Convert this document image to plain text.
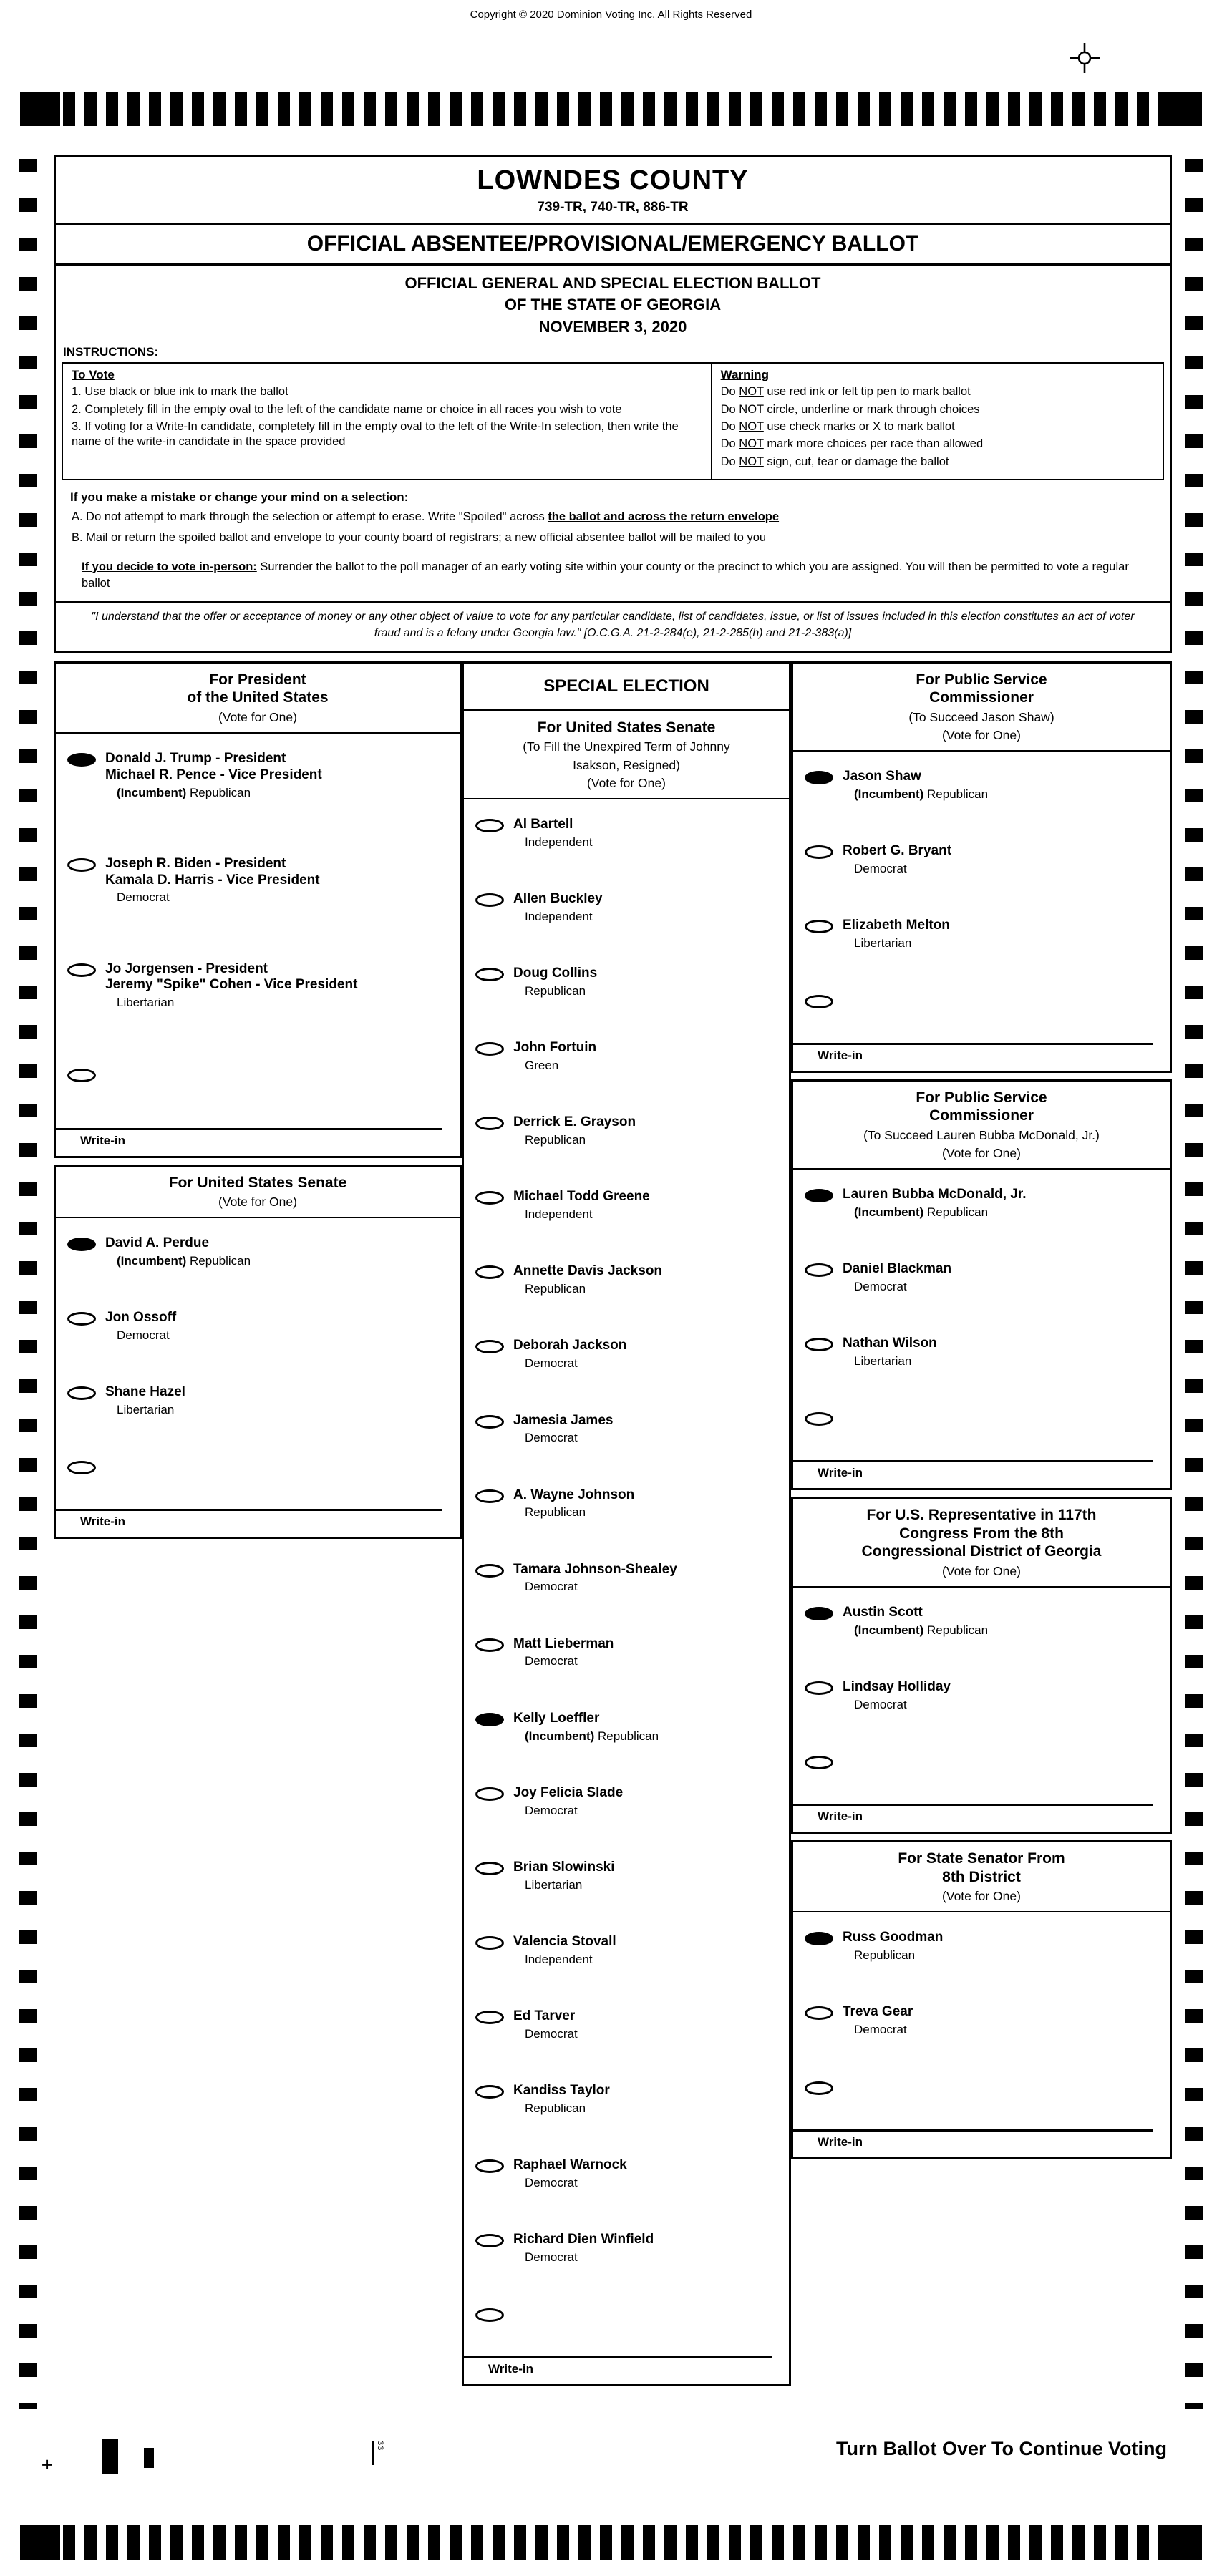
Copyright © 2020 Dominion Voting Inc. All Rights Reserved
LOWNDES COUNTY
739-TR, 740-TR, 886-TR
OFFICIAL ABSENTEE/PROVISIONAL/EMERGENCY BALLOT
OFFICIAL GENERAL AND SPECIAL ELECTION BALLOT
OF THE STATE OF GEORGIA
NOVEMBER 3, 2020
INSTRUCTIONS:
To Vote
1. Use black or blue ink to mark the ballot
2. Completely fill in the empty oval to the left of the candidate name or choice in all races you wish to vote
3. If voting for a Write-In candidate, completely fill in the empty oval to the left of the Write-In selection, then write the name of the write-in candidate in the space provided
Warning
Do NOT use red ink or felt tip pen to mark ballot
Do NOT circle, underline or mark through choices
Do NOT use check marks or X to mark ballot
Do NOT mark more choices per race than allowed
Do NOT sign, cut, tear or damage the ballot
If you make a mistake or change your mind on a selection:
A. Do not attempt to mark through the selection or attempt to erase. Write "Spoiled" across the ballot and across the return envelope
B. Mail or return the spoiled ballot and envelope to your county board of registrars; a new official absentee ballot will be mailed to you

If you decide to vote in-person: Surrender the ballot to the poll manager of an early voting site within your county or the precinct to which you are assigned. You will then be permitted to vote a regular ballot

"I understand that the offer or acceptance of money or any other object of value to vote for any particular candidate, list of candidates, issue, or list of issues included in this election constitutes an act of voter fraud and is a felony under Georgia law." [O.C.G.A. 21-2-284(e), 21-2-285(h) and 21-2-383(a)]
For President
of the United States
(Vote for One)
Donald J. Trump - President
Michael R. Pence - Vice President
(Incumbent) Republican
Joseph R. Biden - President
Kamala D. Harris - Vice President
Democrat
Jo Jorgensen - President
Jeremy "Spike" Cohen - Vice President
Libertarian
Write-in
For United States Senate
(Vote for One)
David A. Perdue
(Incumbent) Republican
Jon Ossoff
Democrat
Shane Hazel
Libertarian
Write-in
SPECIAL ELECTION
For United States Senate
(To Fill the Unexpired Term of Johnny
Isakson, Resigned)
(Vote for One)
Al Bartell
Independent
Allen Buckley
Independent
Doug Collins
Republican
John Fortuin
Green
Derrick E. Grayson
Republican
Michael Todd Greene
Independent
Annette Davis Jackson
Republican
Deborah Jackson
Democrat
Jamesia James
Democrat
A. Wayne Johnson
Republican
Tamara Johnson-Shealey
Democrat
Matt Lieberman
Democrat
Kelly Loeffler
(Incumbent) Republican
Joy Felicia Slade
Democrat
Brian Slowinski
Libertarian
Valencia Stovall
Independent
Ed Tarver
Democrat
Kandiss Taylor
Republican
Raphael Warnock
Democrat
Richard Dien Winfield
Democrat
Write-in
For Public Service
Commissioner
(To Succeed Jason Shaw)
(Vote for One)
Jason Shaw
(Incumbent) Republican
Robert G. Bryant
Democrat
Elizabeth Melton
Libertarian
Write-in
For Public Service
Commissioner
(To Succeed Lauren Bubba McDonald, Jr.)
(Vote for One)
Lauren Bubba McDonald, Jr.
(Incumbent) Republican
Daniel Blackman
Democrat
Nathan Wilson
Libertarian
Write-in
For U.S. Representative in 117th
Congress From the 8th
Congressional District of Georgia
(Vote for One)
Austin Scott
(Incumbent) Republican
Lindsay Holliday
Democrat
Write-in
For State Senator From
8th District
(Vote for One)
Russ Goodman
Republican
Treva Gear
Democrat
Write-in
+
33	Turn Ballot Over To Continue Voting
